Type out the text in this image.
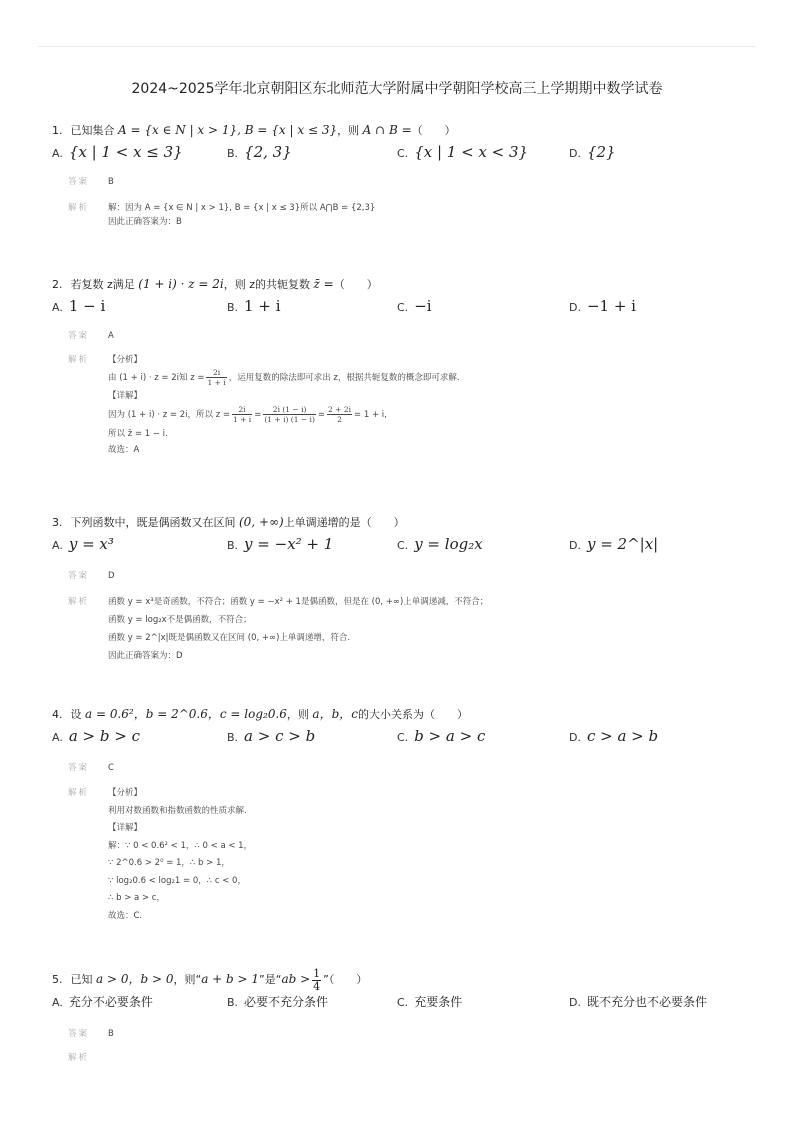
2024~2025学年北京朝阳区东北师范大学附属中学朝阳学校高三上学期期中数学试卷
1. 已知集合 A = {x ∈ N | x > 1}, B = {x | x ≤ 3}，则 A ∩ B =（　　）
A. {x | 1 < x ≤ 3}	B. {2, 3}	C. {x | 1 < x < 3}	D. {2}
答案 B
解析 解：因为 A = {x ∈ N | x > 1}, B = {x | x ≤ 3}所以 A⋂B = {2,3}
因此正确答案为：B
2. 若复数 z满足 (1 + i) · z = 2i，则 z的共轭复数 z̄ =（　　）
A. 1 − i	B. 1 + i	C. −i	D. −1 + i
答案 A
解析 【分析】
由 (1 + i) · z = 2i知 $z = \frac{2i}{1 + i}$ ，运用复数的除法即可求出 z，根据共轭复数的概念即可求解.
【详解】
因为 (1 + i) · z = 2i，所以 $z = \frac{2i}{1 + i} = \frac{2i (1 - i)}{(1 + i) (1 - i)} = \frac{2 + 2i}{2} = 1 + i$,
所以 z̄ = 1 − i.
故选：A
3. 下列函数中，既是偶函数又在区间 (0, +∞)上单调递增的是（　　）
A. y = x³	B. y = −x² + 1	C. y = log₂x	D. y = 2^|x|
答案 D
解析 函数 y = x³是奇函数，不符合；函数 y = −x² + 1是偶函数，但是在 (0, +∞)上单调递减，不符合；
函数 y = log₂x不是偶函数，不符合；
函数 y = 2^|x|既是偶函数又在区间 (0, +∞)上单调递增，符合.
因此正确答案为：D
4. 设 a = 0.6²，b = 2^0.6，c = log₂0.6，则 a，b，c的大小关系为（　　）
A. a > b > c	B. a > c > b	C. b > a > c	D. c > a > b
答案 C
解析 【分析】
利用对数函数和指数函数的性质求解.
【详解】
解：∵ 0 < 0.6² < 1，∴ 0 < a < 1，
∵ 2^0.6 > 2⁰ = 1，∴ b > 1，
∵ log₂0.6 < log₂1 = 0，∴ c < 0，
∴ b > a > c，
故选：C.
5. 已知 a > 0，b > 0，则“a + b > 1”是“ab > $\frac{1}{4}$ ”（　　）
A. 充分不必要条件	B. 必要不充分条件	C. 充要条件	D. 既不充分也不必要条件
答案 B
解析
